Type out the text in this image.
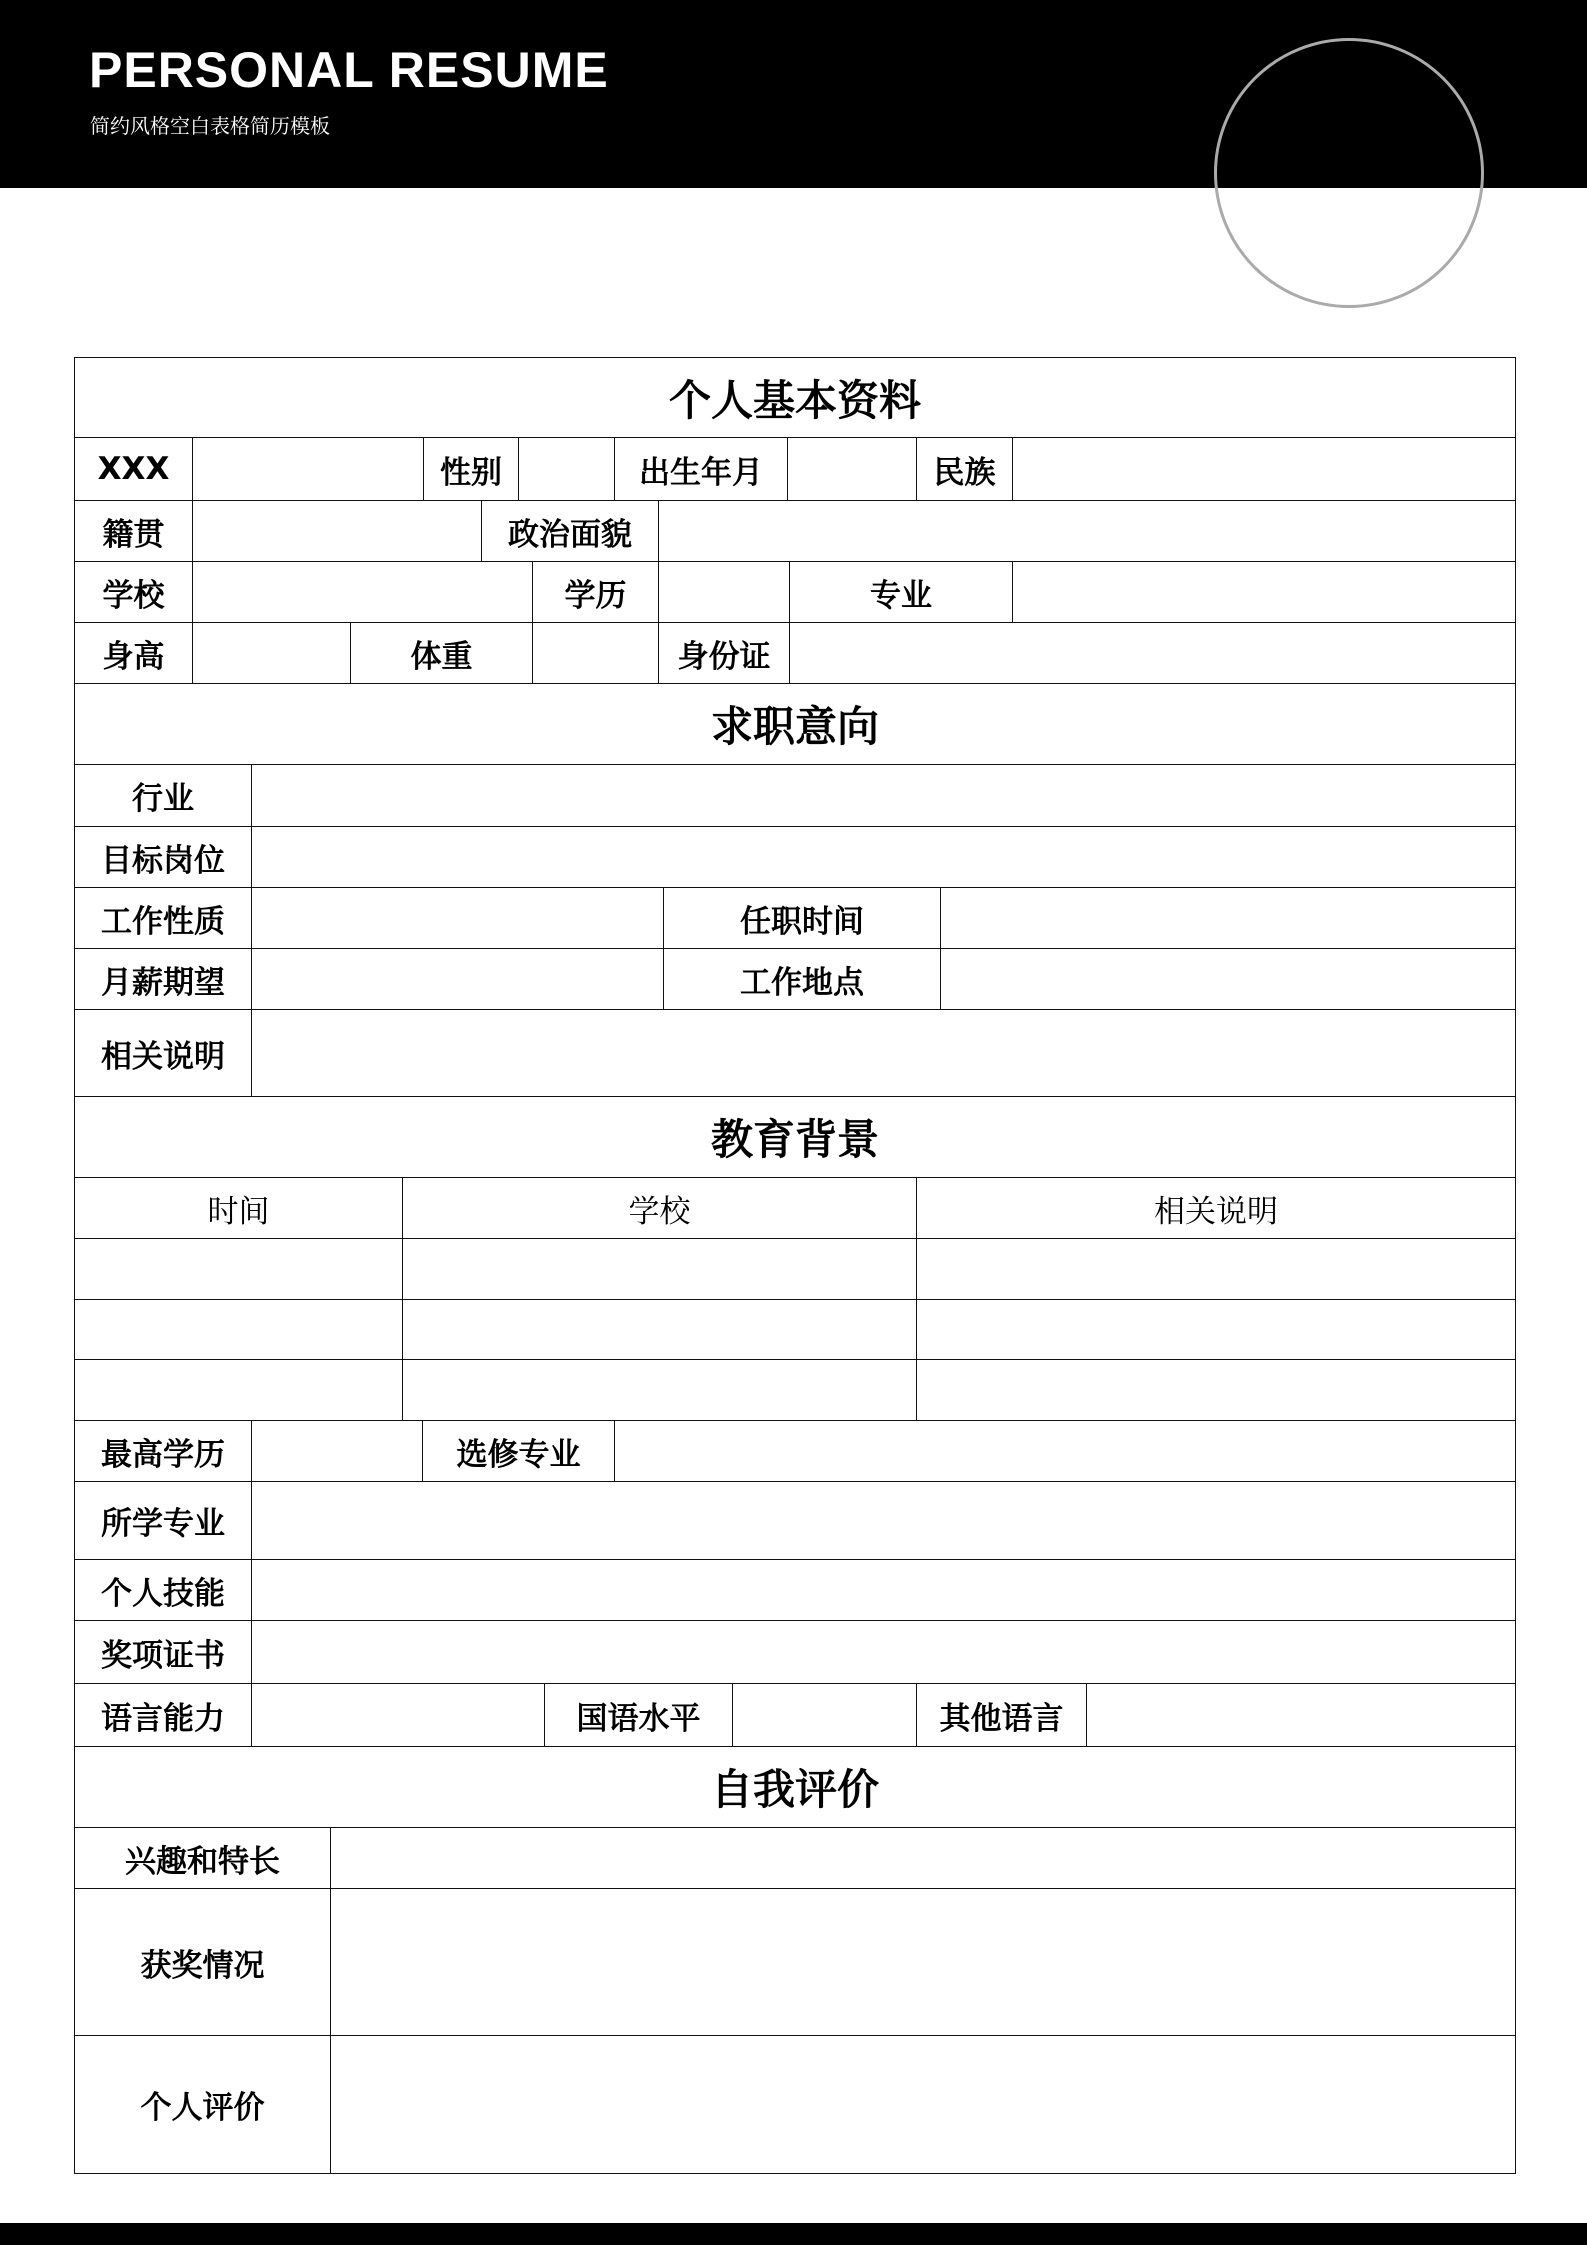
PERSONAL RESUME
简约风格空白表格简历模板
个人基本资料
XXX	性别	出生年月	民族
籍贯	政治面貌
学校	学历	专业
身高	体重	身份证
求职意向
行业
目标岗位
工作性质	任职时间
月薪期望	工作地点
相关说明
教育背景
时间	学校	相关说明
最高学历	选修专业
所学专业
个人技能
奖项证书
语言能力	国语水平	其他语言
自我评价
兴趣和特长
获奖情况
个人评价
